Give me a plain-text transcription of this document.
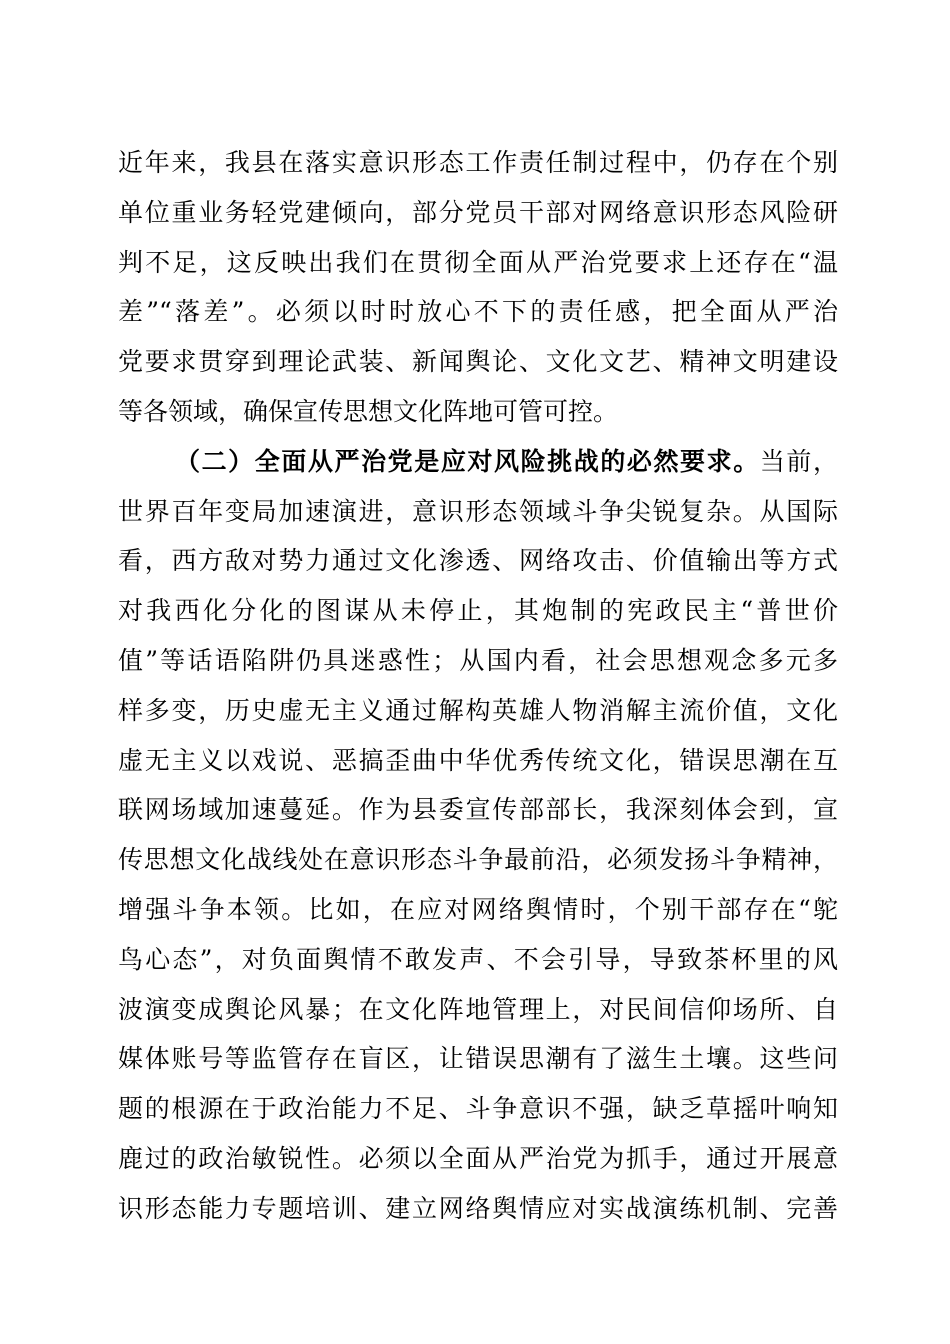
近年来，我县在落实意识形态工作责任制过程中，仍存在个别
单位重业务轻党建倾向，部分党员干部对网络意识形态风险研
判不足，这反映出我们在贯彻全面从严治党要求上还存在“温
差”“落差”。必须以时时放心不下的责任感，把全面从严治
党要求贯穿到理论武装、新闻舆论、文化文艺、精神文明建设
等各领域，确保宣传思想文化阵地可管可控。
（二）全面从严治党是应对风险挑战的必然要求。当前，
世界百年变局加速演进，意识形态领域斗争尖锐复杂。从国际
看，西方敌对势力通过文化渗透、网络攻击、价值输出等方式
对我西化分化的图谋从未停止，其炮制的宪政民主“普世价
值”等话语陷阱仍具迷惑性；从国内看，社会思想观念多元多
样多变，历史虚无主义通过解构英雄人物消解主流价值，文化
虚无主义以戏说、恶搞歪曲中华优秀传统文化，错误思潮在互
联网场域加速蔓延。作为县委宣传部部长，我深刻体会到，宣
传思想文化战线处在意识形态斗争最前沿，必须发扬斗争精神，
增强斗争本领。比如，在应对网络舆情时，个别干部存在“鸵
鸟心态”，对负面舆情不敢发声、不会引导，导致茶杯里的风
波演变成舆论风暴；在文化阵地管理上，对民间信仰场所、自
媒体账号等监管存在盲区，让错误思潮有了滋生土壤。这些问
题的根源在于政治能力不足、斗争意识不强，缺乏草摇叶响知
鹿过的政治敏锐性。必须以全面从严治党为抓手，通过开展意
识形态能力专题培训、建立网络舆情应对实战演练机制、完善
